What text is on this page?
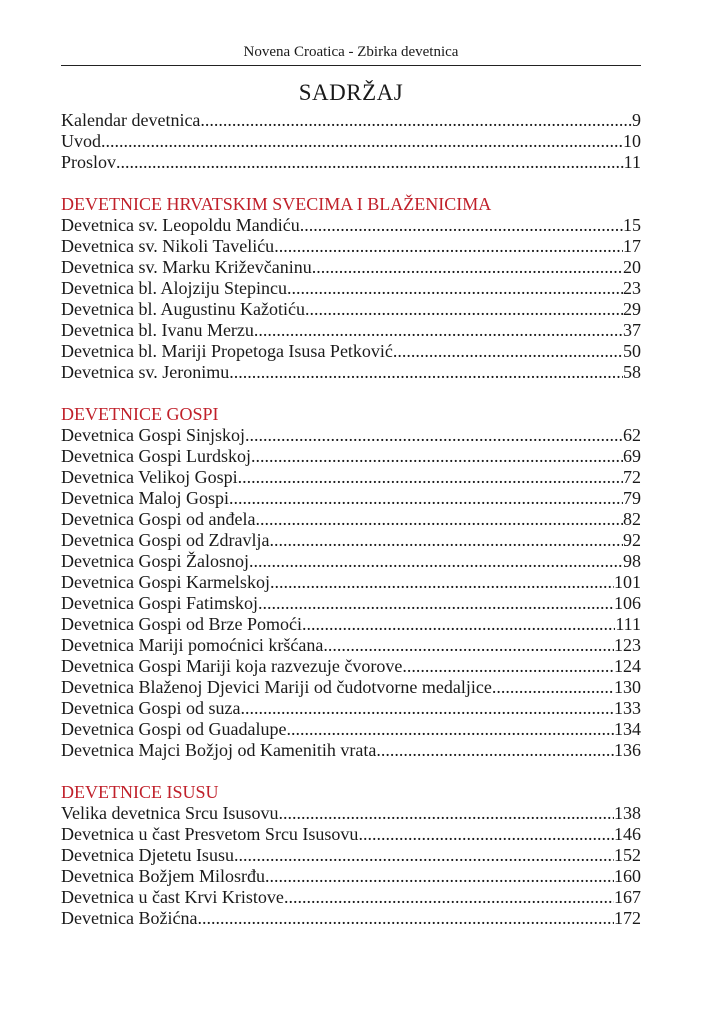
Novena Croatica - Zbirka devetnica
SADRŽAJ
Kalendar devetnica .....	9
Uvod .....	10
Proslov .....	11
DEVETNICE HRVATSKIM SVECIMA I BLAŽENICIMA
Devetnica sv. Leopoldu Mandiću .....	15
Devetnica sv. Nikoli Taveliću .....	17
Devetnica sv. Marku Križevčaninu .....	20
Devetnica bl. Alojziju Stepincu .....	23
Devetnica bl. Augustinu Kažotiću .....	29
Devetnica bl. Ivanu Merzu .....	37
Devetnica bl. Mariji Propetoga Isusa Petković .....	50
Devetnica sv. Jeronimu .....	58
DEVETNICE GOSPI
Devetnica Gospi Sinjskoj .....	62
Devetnica Gospi Lurdskoj .....	69
Devetnica Velikoj Gospi .....	72
Devetnica Maloj Gospi .....	79
Devetnica Gospi od anđela .....	82
Devetnica Gospi od Zdravlja .....	92
Devetnica Gospi Žalosnoj .....	98
Devetnica Gospi Karmelskoj .....	101
Devetnica Gospi Fatimskoj .....	106
Devetnica Gospi od Brze Pomoći .....	111
Devetnica Mariji pomoćnici kršćana .....	123
Devetnica Gospi Mariji koja razvezuje čvorove .....	124
Devetnica Blaženoj Djevici Mariji od čudotvorne medaljice .....	130
Devetnica Gospi od suza .....	133
Devetnica Gospi od Guadalupe .....	134
Devetnica Majci Božjoj od Kamenitih vrata .....	136
DEVETNICE ISUSU
Velika devetnica Srcu Isusovu .....	138
Devetnica u čast Presvetom Srcu Isusovu .....	146
Devetnica Djetetu Isusu .....	152
Devetnica Božjem Milosrđu .....	160
Devetnica u čast Krvi Kristove .....	167
Devetnica Božićna .....	172
